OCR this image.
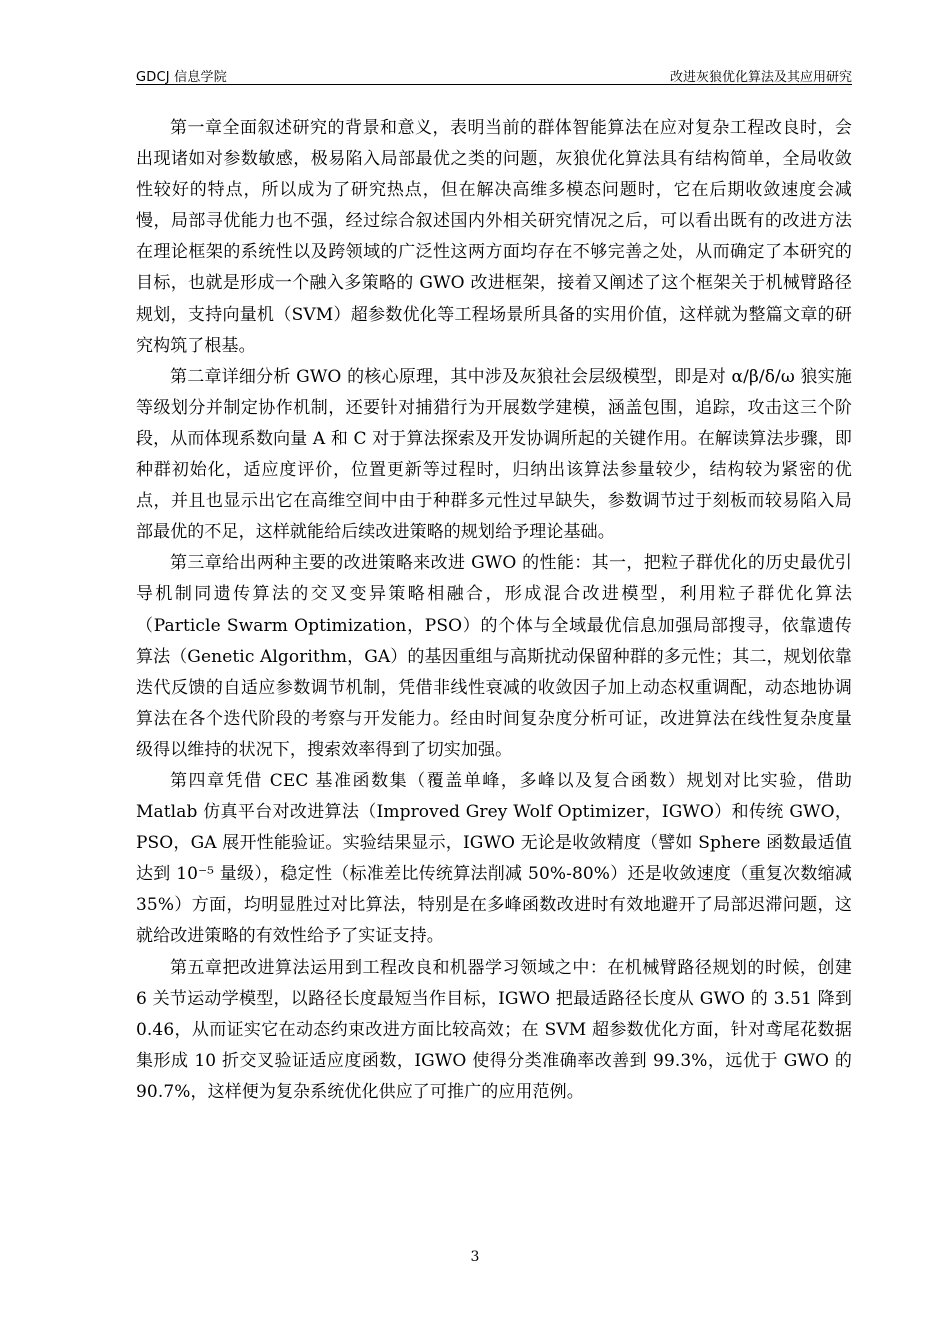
GDCJ 信息学院	改进灰狼优化算法及其应用研究

第一章全面叙述研究的背景和意义，表明当前的群体智能算法在应对复杂工程改良时，会出现诸如对参数敏感，极易陷入局部最优之类的问题，灰狼优化算法具有结构简单，全局收敛性较好的特点，所以成为了研究热点，但在解决高维多模态问题时，它在后期收敛速度会减慢，局部寻优能力也不强，经过综合叙述国内外相关研究情况之后，可以看出既有的改进方法在理论框架的系统性以及跨领域的广泛性这两方面均存在不够完善之处，从而确定了本研究的目标，也就是形成一个融入多策略的 GWO 改进框架，接着又阐述了这个框架关于机械臂路径规划，支持向量机（SVM）超参数优化等工程场景所具备的实用价值，这样就为整篇文章的研究构筑了根基。

第二章详细分析 GWO 的核心原理，其中涉及灰狼社会层级模型，即是对 α/β/δ/ω 狼实施等级划分并制定协作机制，还要针对捕猎行为开展数学建模，涵盖包围，追踪，攻击这三个阶段，从而体现系数向量 A 和 C 对于算法探索及开发协调所起的关键作用。在解读算法步骤，即种群初始化，适应度评价，位置更新等过程时，归纳出该算法参量较少，结构较为紧密的优点，并且也显示出它在高维空间中由于种群多元性过早缺失，参数调节过于刻板而较易陷入局部最优的不足，这样就能给后续改进策略的规划给予理论基础。

第三章给出两种主要的改进策略来改进 GWO 的性能：其一，把粒子群优化的历史最优引导机制同遗传算法的交叉变异策略相融合，形成混合改进模型，利用粒子群优化算法（Particle Swarm Optimization，PSO）的个体与全域最优信息加强局部搜寻，依靠遗传算法（Genetic Algorithm，GA）的基因重组与高斯扰动保留种群的多元性；其二，规划依靠迭代反馈的自适应参数调节机制，凭借非线性衰减的收敛因子加上动态权重调配，动态地协调算法在各个迭代阶段的考察与开发能力。经由时间复杂度分析可证，改进算法在线性复杂度量级得以维持的状况下，搜索效率得到了切实加强。

第四章凭借 CEC 基准函数集（覆盖单峰，多峰以及复合函数）规划对比实验，借助 Matlab 仿真平台对改进算法（Improved Grey Wolf Optimizer，IGWO）和传统 GWO，PSO，GA 展开性能验证。实验结果显示，IGWO 无论是收敛精度（譬如 Sphere 函数最适值达到 10⁻⁵ 量级），稳定性（标准差比传统算法削减 50%-80%）还是收敛速度（重复次数缩减 35%）方面，均明显胜过对比算法，特别是在多峰函数改进时有效地避开了局部迟滞问题，这就给改进策略的有效性给予了实证支持。

第五章把改进算法运用到工程改良和机器学习领域之中：在机械臂路径规划的时候，创建 6 关节运动学模型，以路径长度最短当作目标，IGWO 把最适路径长度从 GWO 的 3.51 降到 0.46，从而证实它在动态约束改进方面比较高效；在 SVM 超参数优化方面，针对鸢尾花数据集形成 10 折交叉验证适应度函数，IGWO 使得分类准确率改善到 99.3%，远优于 GWO 的 90.7%，这样便为复杂系统优化供应了可推广的应用范例。

3
